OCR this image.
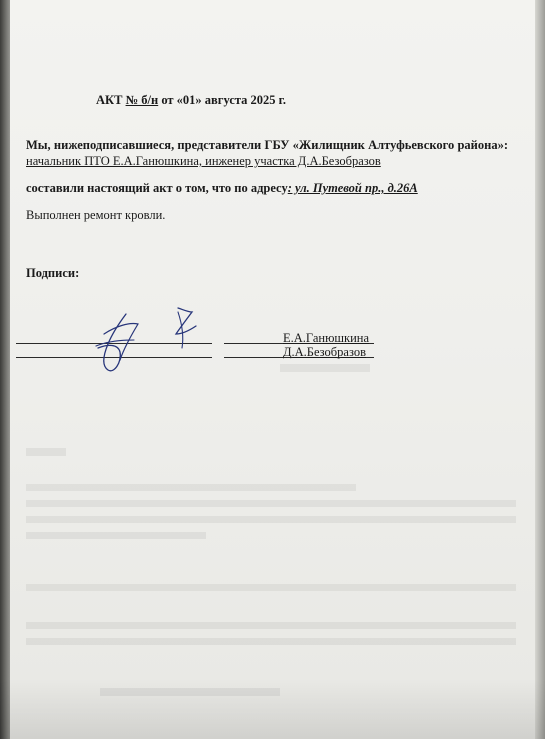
АКТ № б/н от «01» августа 2025 г.
Мы, нижеподписавшиеся, представители ГБУ «Жилищник Алтуфьевского района»: начальник ПТО Е.А.Ганюшкина, инженер участка Д.А.Безобразов
составили настоящий акт о том, что по адресу: ул. Путевой пр., д.26А
Выполнен ремонт кровли.
Подписи:
Е.А.Ганюшкина
Д.А.Безобразов
